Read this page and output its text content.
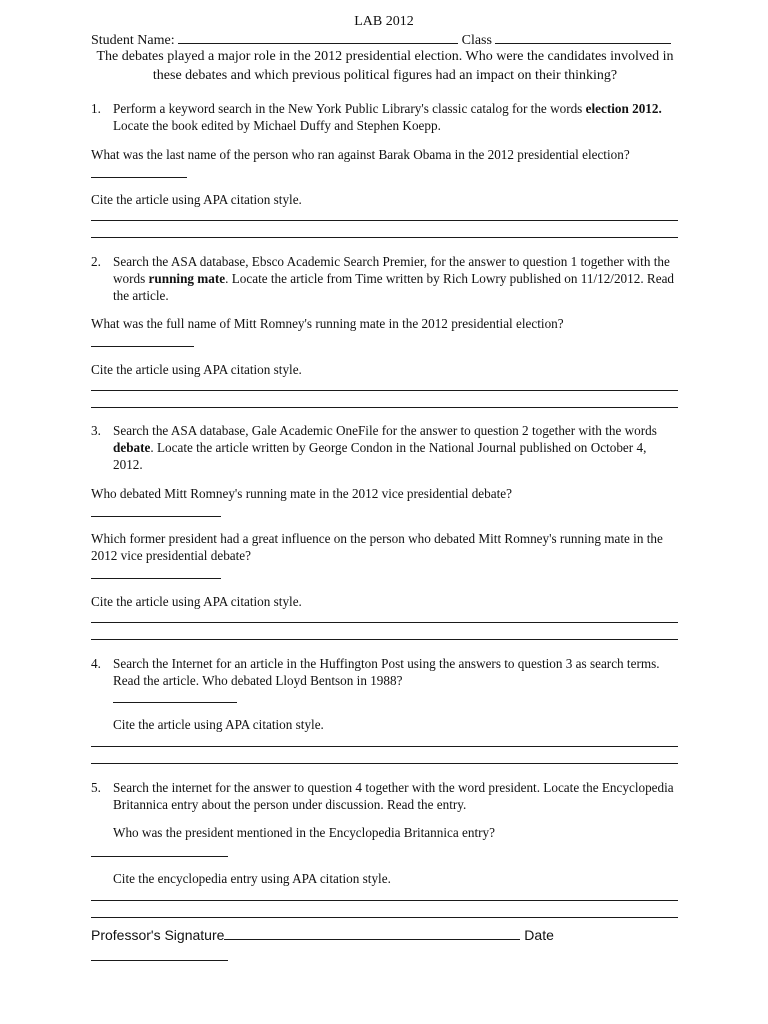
LAB 2012
Student Name:	Class
The debates played a major role in the 2012 presidential election. Who were the candidates involved in these debates and which previous political figures had an impact on their thinking?
1. Perform a keyword search in the New York Public Library's classic catalog for the words election 2012. Locate the book edited by Michael Duffy and Stephen Koepp.
What was the last name of the person who ran against Barak Obama in the 2012 presidential election?
Cite the article using APA citation style.
2. Search the ASA database, Ebsco Academic Search Premier, for the answer to question 1 together with the words running mate. Locate the article from Time written by Rich Lowry published on 11/12/2012. Read the article.
What was the full name of Mitt Romney's running mate in the 2012 presidential election?
Cite the article using APA citation style.
3. Search the ASA database, Gale Academic OneFile for the answer to question 2 together with the words debate. Locate the article written by George Condon in the National Journal published on October 4, 2012.
Who debated Mitt Romney's running mate in the 2012 vice presidential debate?
Which former president had a great influence on the person who debated Mitt Romney's running mate in the 2012 vice presidential debate?
Cite the article using APA citation style.
4. Search the Internet for an article in the Huffington Post using the answers to question 3 as search terms. Read the article. Who debated Lloyd Bentson in 1988?
Cite the article using APA citation style.
5. Search the internet for the answer to question 4 together with the word president. Locate the Encyclopedia Britannica entry about the person under discussion. Read the entry.
Who was the president mentioned in the Encyclopedia Britannica entry?
Cite the encyclopedia entry using APA citation style.
Professor's Signature	Date
